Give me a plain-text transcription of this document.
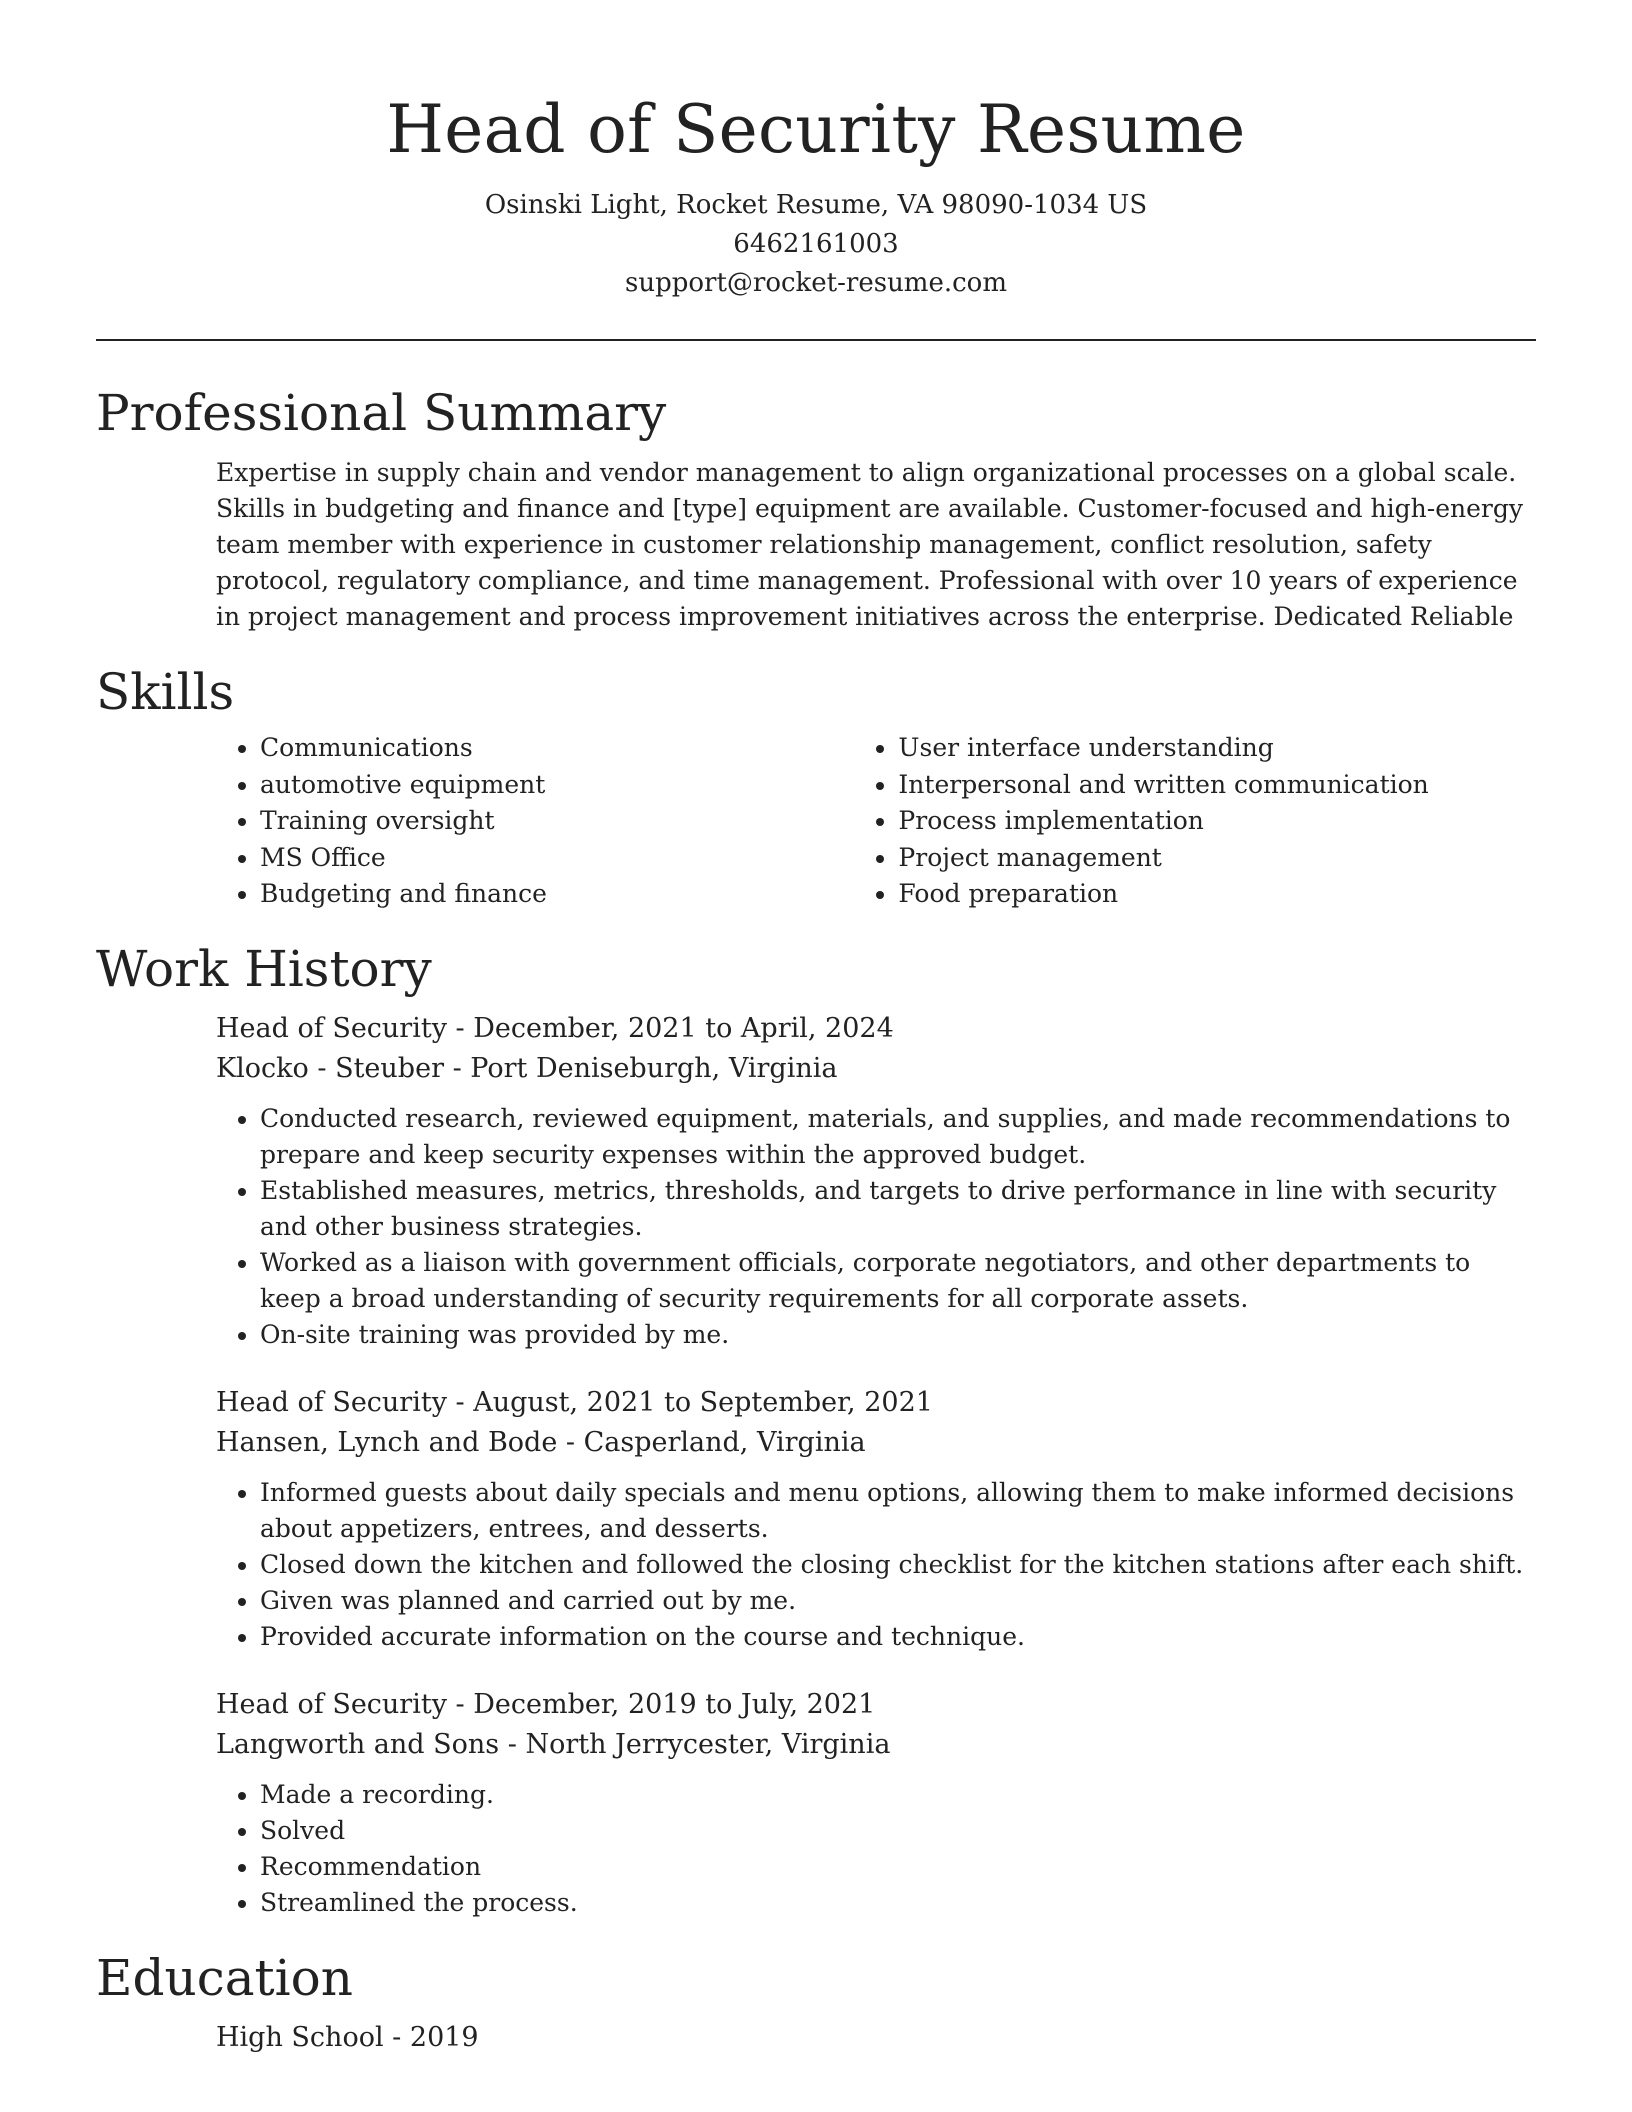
Head of Security Resume
Osinski Light, Rocket Resume, VA 98090-1034 US
6462161003
support@rocket-resume.com
Professional Summary

Expertise in supply chain and vendor management to align organizational processes on a global scale. Skills in budgeting and finance and [type] equipment are available. Customer-focused and high-energy team member with experience in customer relationship management, conflict resolution, safety protocol, regulatory compliance, and time management. Professional with over 10 years of experience in project management and process improvement initiatives across the enterprise. Dedicated Reliable

Skills
• Communications
• automotive equipment
• Training oversight
• MS Office
• Budgeting and finance
• User interface understanding
• Interpersonal and written communication
• Process implementation
• Project management
• Food preparation
Work History
Head of Security - December, 2021 to April, 2024
Klocko - Steuber - Port Deniseburgh, Virginia
• Conducted research, reviewed equipment, materials, and supplies, and made recommendations to prepare and keep security expenses within the approved budget.
• Established measures, metrics, thresholds, and targets to drive performance in line with security and other business strategies.
• Worked as a liaison with government officials, corporate negotiators, and other departments to keep a broad understanding of security requirements for all corporate assets.
• On-site training was provided by me.
Head of Security - August, 2021 to September, 2021
Hansen, Lynch and Bode - Casperland, Virginia
• Informed guests about daily specials and menu options, allowing them to make informed decisions about appetizers, entrees, and desserts.
• Closed down the kitchen and followed the closing checklist for the kitchen stations after each shift.
• Given was planned and carried out by me.
• Provided accurate information on the course and technique.
Head of Security - December, 2019 to July, 2021
Langworth and Sons - North Jerrycester, Virginia
• Made a recording.
• Solved
• Recommendation
• Streamlined the process.
Education
High School - 2019
